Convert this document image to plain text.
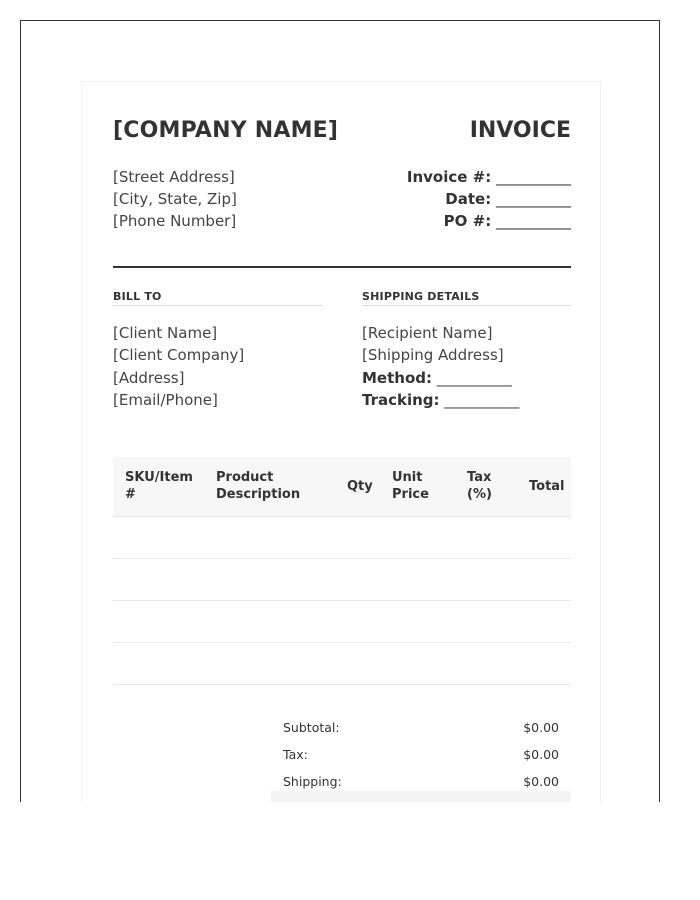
[COMPANY NAME]	INVOICE
[Street Address]
[City, State, Zip]
[Phone Number]
Invoice #: __________
Date: __________
PO #: __________
BILL TO
[Client Name]
[Client Company]
[Address]
[Email/Phone]
SHIPPING DETAILS
[Recipient Name]
[Shipping Address]
Method: __________
Tracking: __________
SKU/Item #	Product Description	Qty	Unit Price	Tax (%)	Total

Subtotal:	$0.00
Tax:	$0.00
Shipping:	$0.00
